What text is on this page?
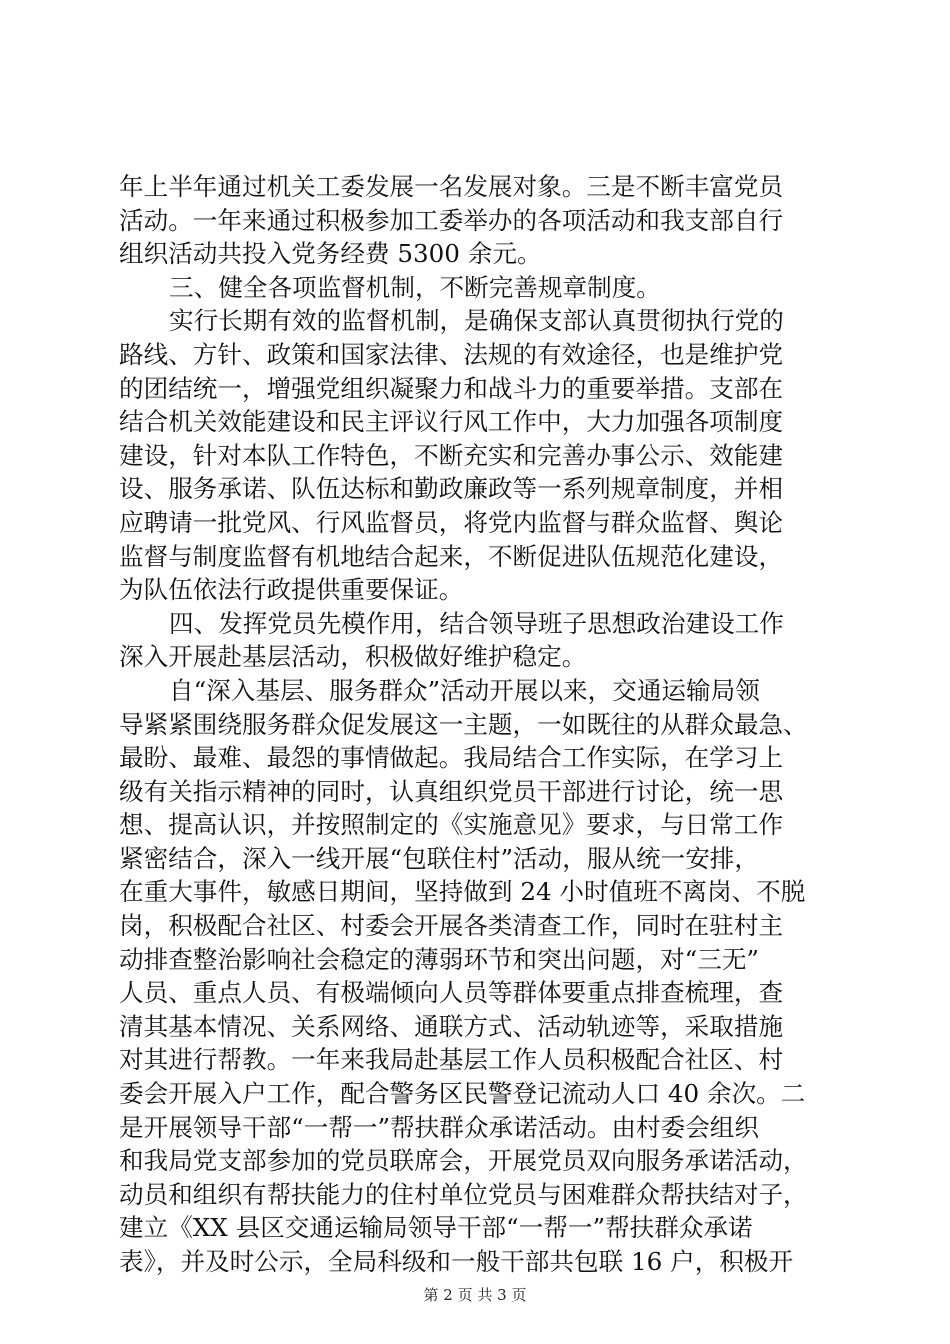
年上半年通过机关工委发展一名发展对象。三是不断丰富党员
活动。一年来通过积极参加工委举办的各项活动和我支部自行
组织活动共投入党务经费 5300 余元。
三、健全各项监督机制，不断完善规章制度。
实行长期有效的监督机制，是确保支部认真贯彻执行党的
路线、方针、政策和国家法律、法规的有效途径，也是维护党
的团结统一，增强党组织凝聚力和战斗力的重要举措。支部在
结合机关效能建设和民主评议行风工作中，大力加强各项制度
建设，针对本队工作特色，不断充实和完善办事公示、效能建
设、服务承诺、队伍达标和勤政廉政等一系列规章制度，并相
应聘请一批党风、行风监督员，将党内监督与群众监督、舆论
监督与制度监督有机地结合起来，不断促进队伍规范化建设，
为队伍依法行政提供重要保证。
四、发挥党员先模作用，结合领导班子思想政治建设工作
深入开展赴基层活动，积极做好维护稳定。
自“深入基层、服务群众”活动开展以来，交通运输局领
导紧紧围绕服务群众促发展这一主题，一如既往的从群众最急、
最盼、最难、最怨的事情做起。我局结合工作实际，在学习上
级有关指示精神的同时，认真组织党员干部进行讨论，统一思
想、提高认识，并按照制定的《实施意见》要求，与日常工作
紧密结合，深入一线开展“包联住村”活动，服从统一安排，
在重大事件，敏感日期间，坚持做到 24 小时值班不离岗、不脱
岗，积极配合社区、村委会开展各类清查工作，同时在驻村主
动排查整治影响社会稳定的薄弱环节和突出问题，对“三无”
人员、重点人员、有极端倾向人员等群体要重点排查梳理，查
清其基本情况、关系网络、通联方式、活动轨迹等，采取措施
对其进行帮教。一年来我局赴基层工作人员积极配合社区、村
委会开展入户工作，配合警务区民警登记流动人口 40 余次。二
是开展领导干部“一帮一”帮扶群众承诺活动。由村委会组织
和我局党支部参加的党员联席会，开展党员双向服务承诺活动，
动员和组织有帮扶能力的住村单位党员与困难群众帮扶结对子，
建立《XX 县区交通运输局领导干部“一帮一”帮扶群众承诺
表》，并及时公示，全局科级和一般干部共包联 16 户，积极开
第 2 页 共 3 页
